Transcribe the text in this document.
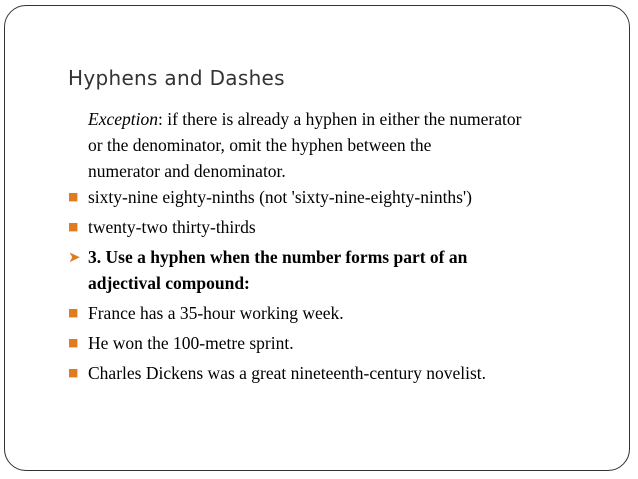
Hyphens and Dashes
Exception: if there is already a hyphen in either the numerator
or the denominator, omit the hyphen between the
numerator and denominator.
■ sixty-nine eighty-ninths (not 'sixty-nine-eighty-ninths')
■ twenty-two thirty-thirds
➤ 3. Use a hyphen when the number forms part of an
adjectival compound:
■ France has a 35-hour working week.
■ He won the 100-metre sprint.
■ Charles Dickens was a great nineteenth-century novelist.
